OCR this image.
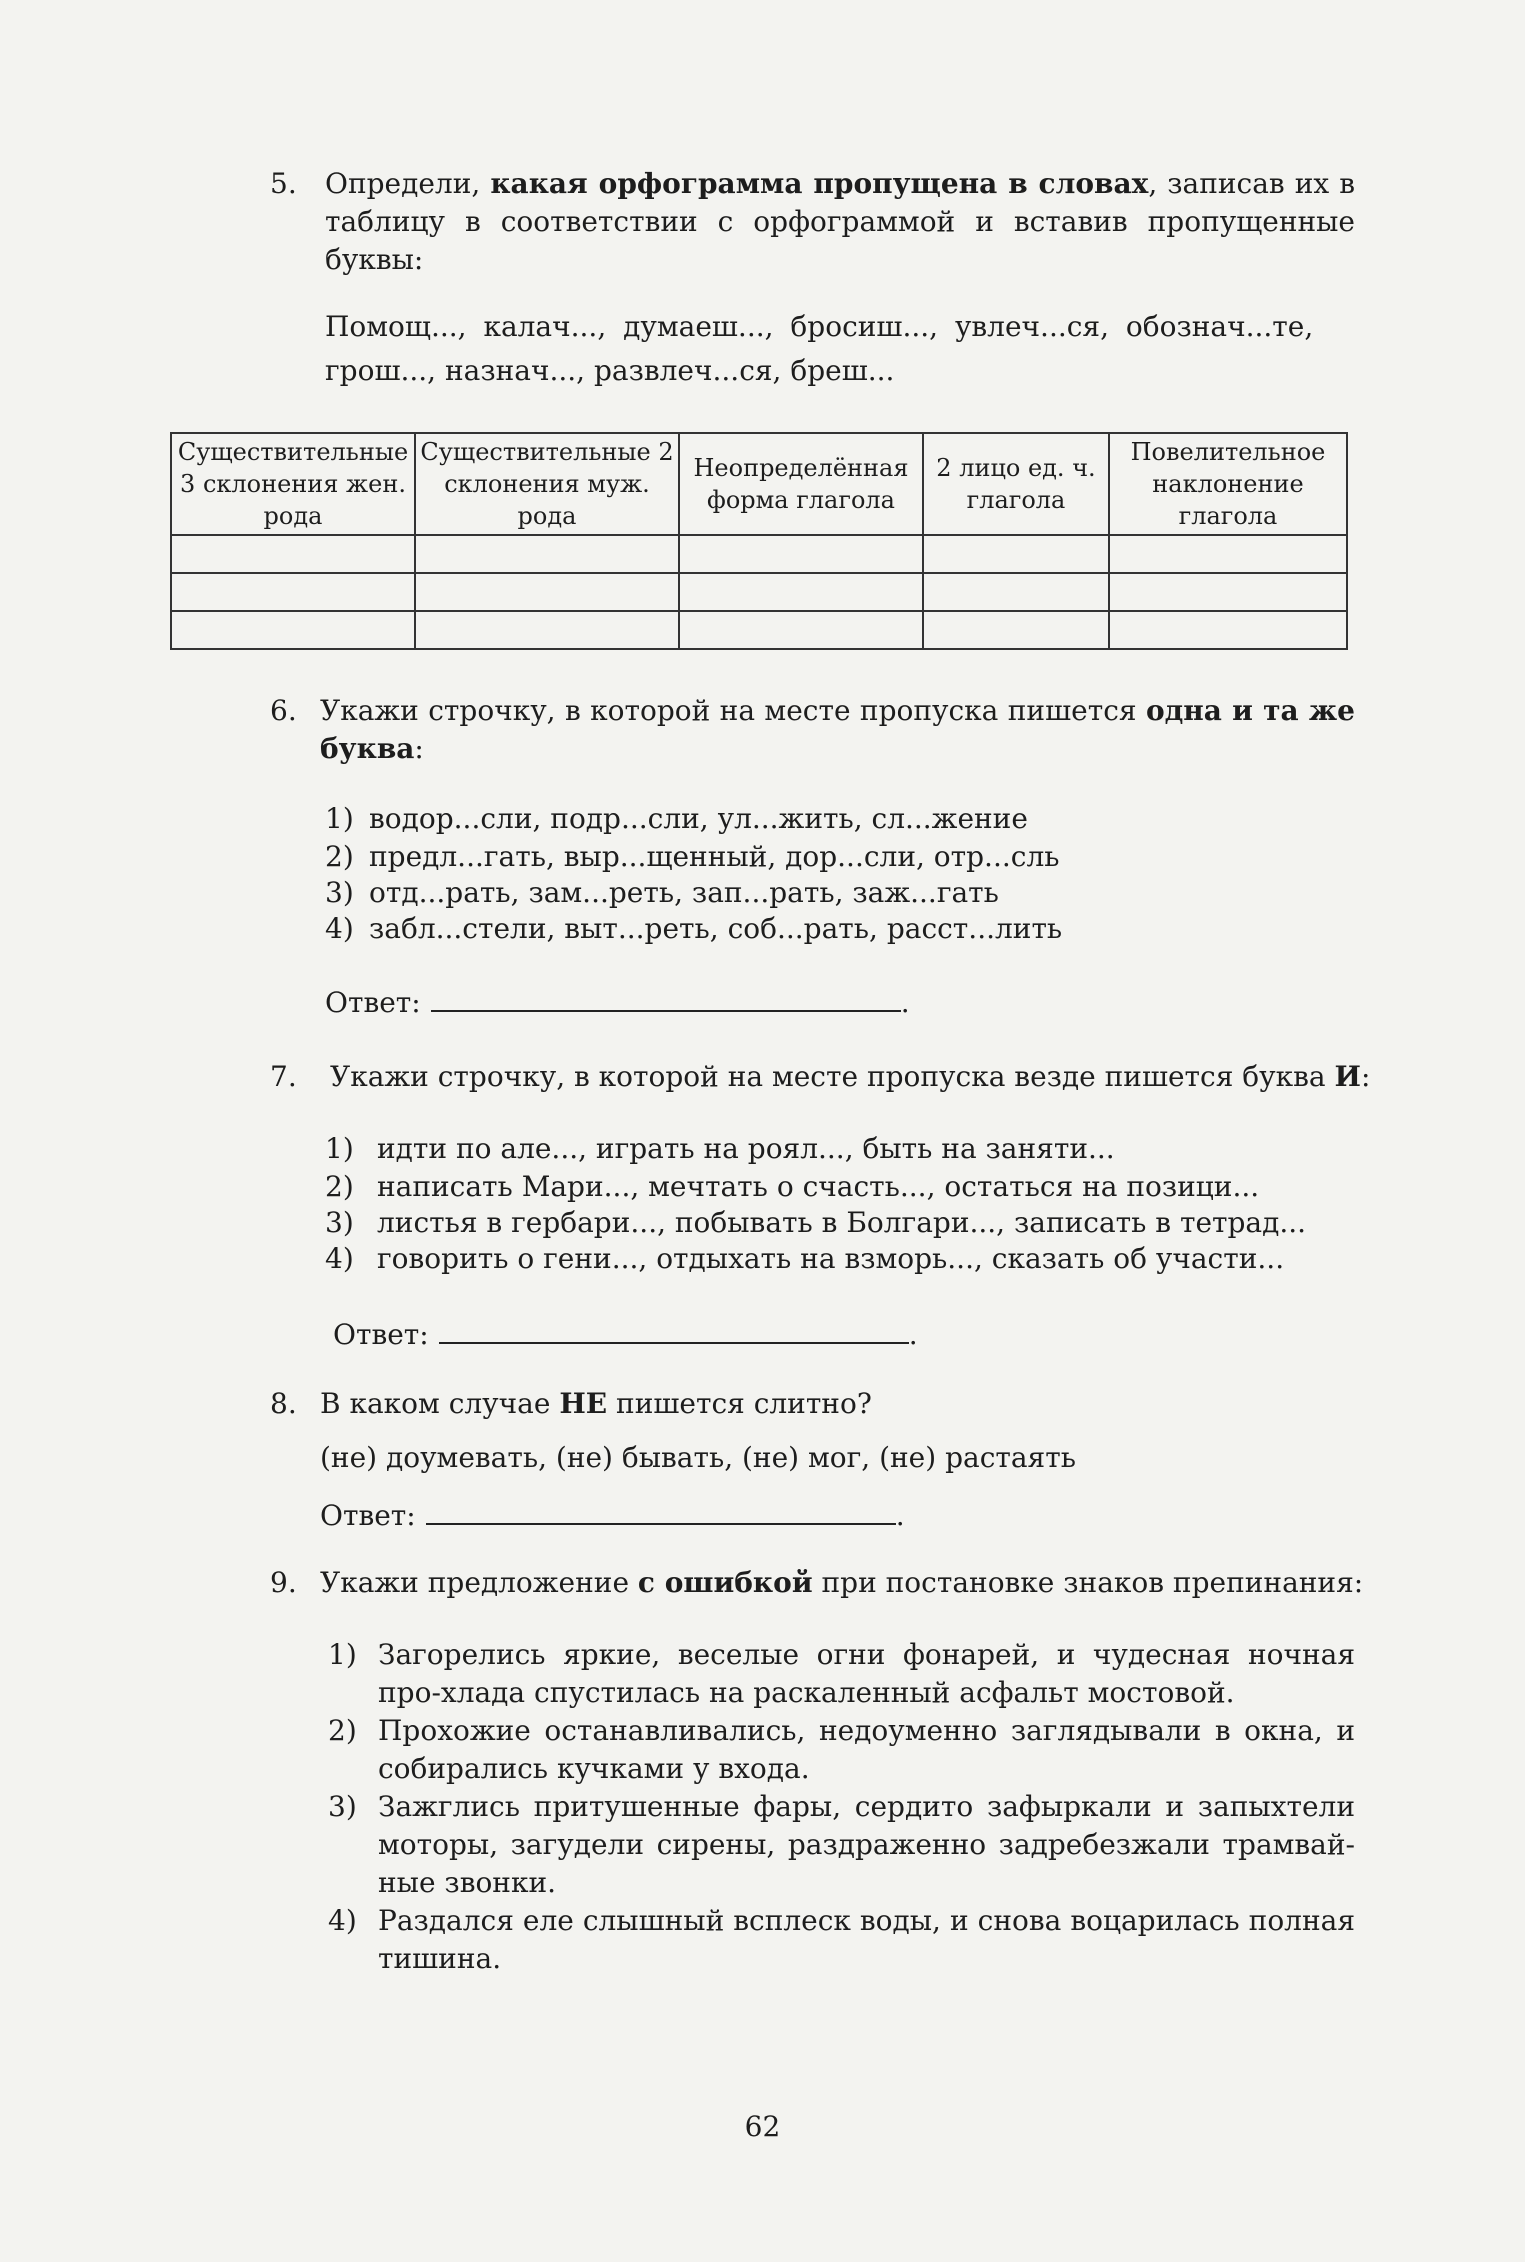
5.	Определи, какая орфограмма пропущена в словах, записав их в таблицу в соответствии с орфограммой и вставив пропущенные буквы:
Помощ..., калач..., думаеш..., бросиш..., увлеч...ся, обознач...те,
грош..., назнач..., развлеч...ся, бреш...
Существительные 3 склонения жен. рода	Существительные 2 склонения муж. рода	Неопределённая форма глагола	2 лицо ед. ч. глагола	Повелительное наклонение глагола

6. Укажи строчку, в которой на месте пропуска пишется одна и та же буква:
1) водор...сли, подр...сли, ул...жить, сл...жение
2) предл...гать, выр...щенный, дор...сли, отр...сль
3) отд...рать, зам...реть, зап...рать, заж...гать
4) забл...стели, выт...реть, соб...рать, расст...лить
Ответ:	.
7.	Укажи строчку, в которой на месте пропуска везде пишется буква И:
1) идти по але..., играть на роял..., быть на заняти...
2) написать Мари..., мечтать о счасть..., остаться на позици...
3) листья в гербари..., побывать в Болгари..., записать в тетрад...
4) говорить о гени..., отдыхать на взморь..., сказать об участи...
Ответ:	.
8. В каком случае НЕ пишется слитно?
(не) доумевать, (не) бывать, (не) мог, (не) растаять
Ответ:	.
9. Укажи предложение с ошибкой при постановке знаков препинания:
1) Загорелись яркие, веселые огни фонарей, и чудесная ночная про-хлада спустилась на раскаленный асфальт мостовой.
2) Прохожие останавливались, недоуменно заглядывали в окна, и собирались кучками у входа.
3) Зажглись притушенные фары, сердито зафыркали и запыхтели моторы, загудели сирены, раздраженно задребезжали трамвай-ные звонки.
4) Раздался еле слышный всплеск воды, и снова воцарилась полная тишина.
62
